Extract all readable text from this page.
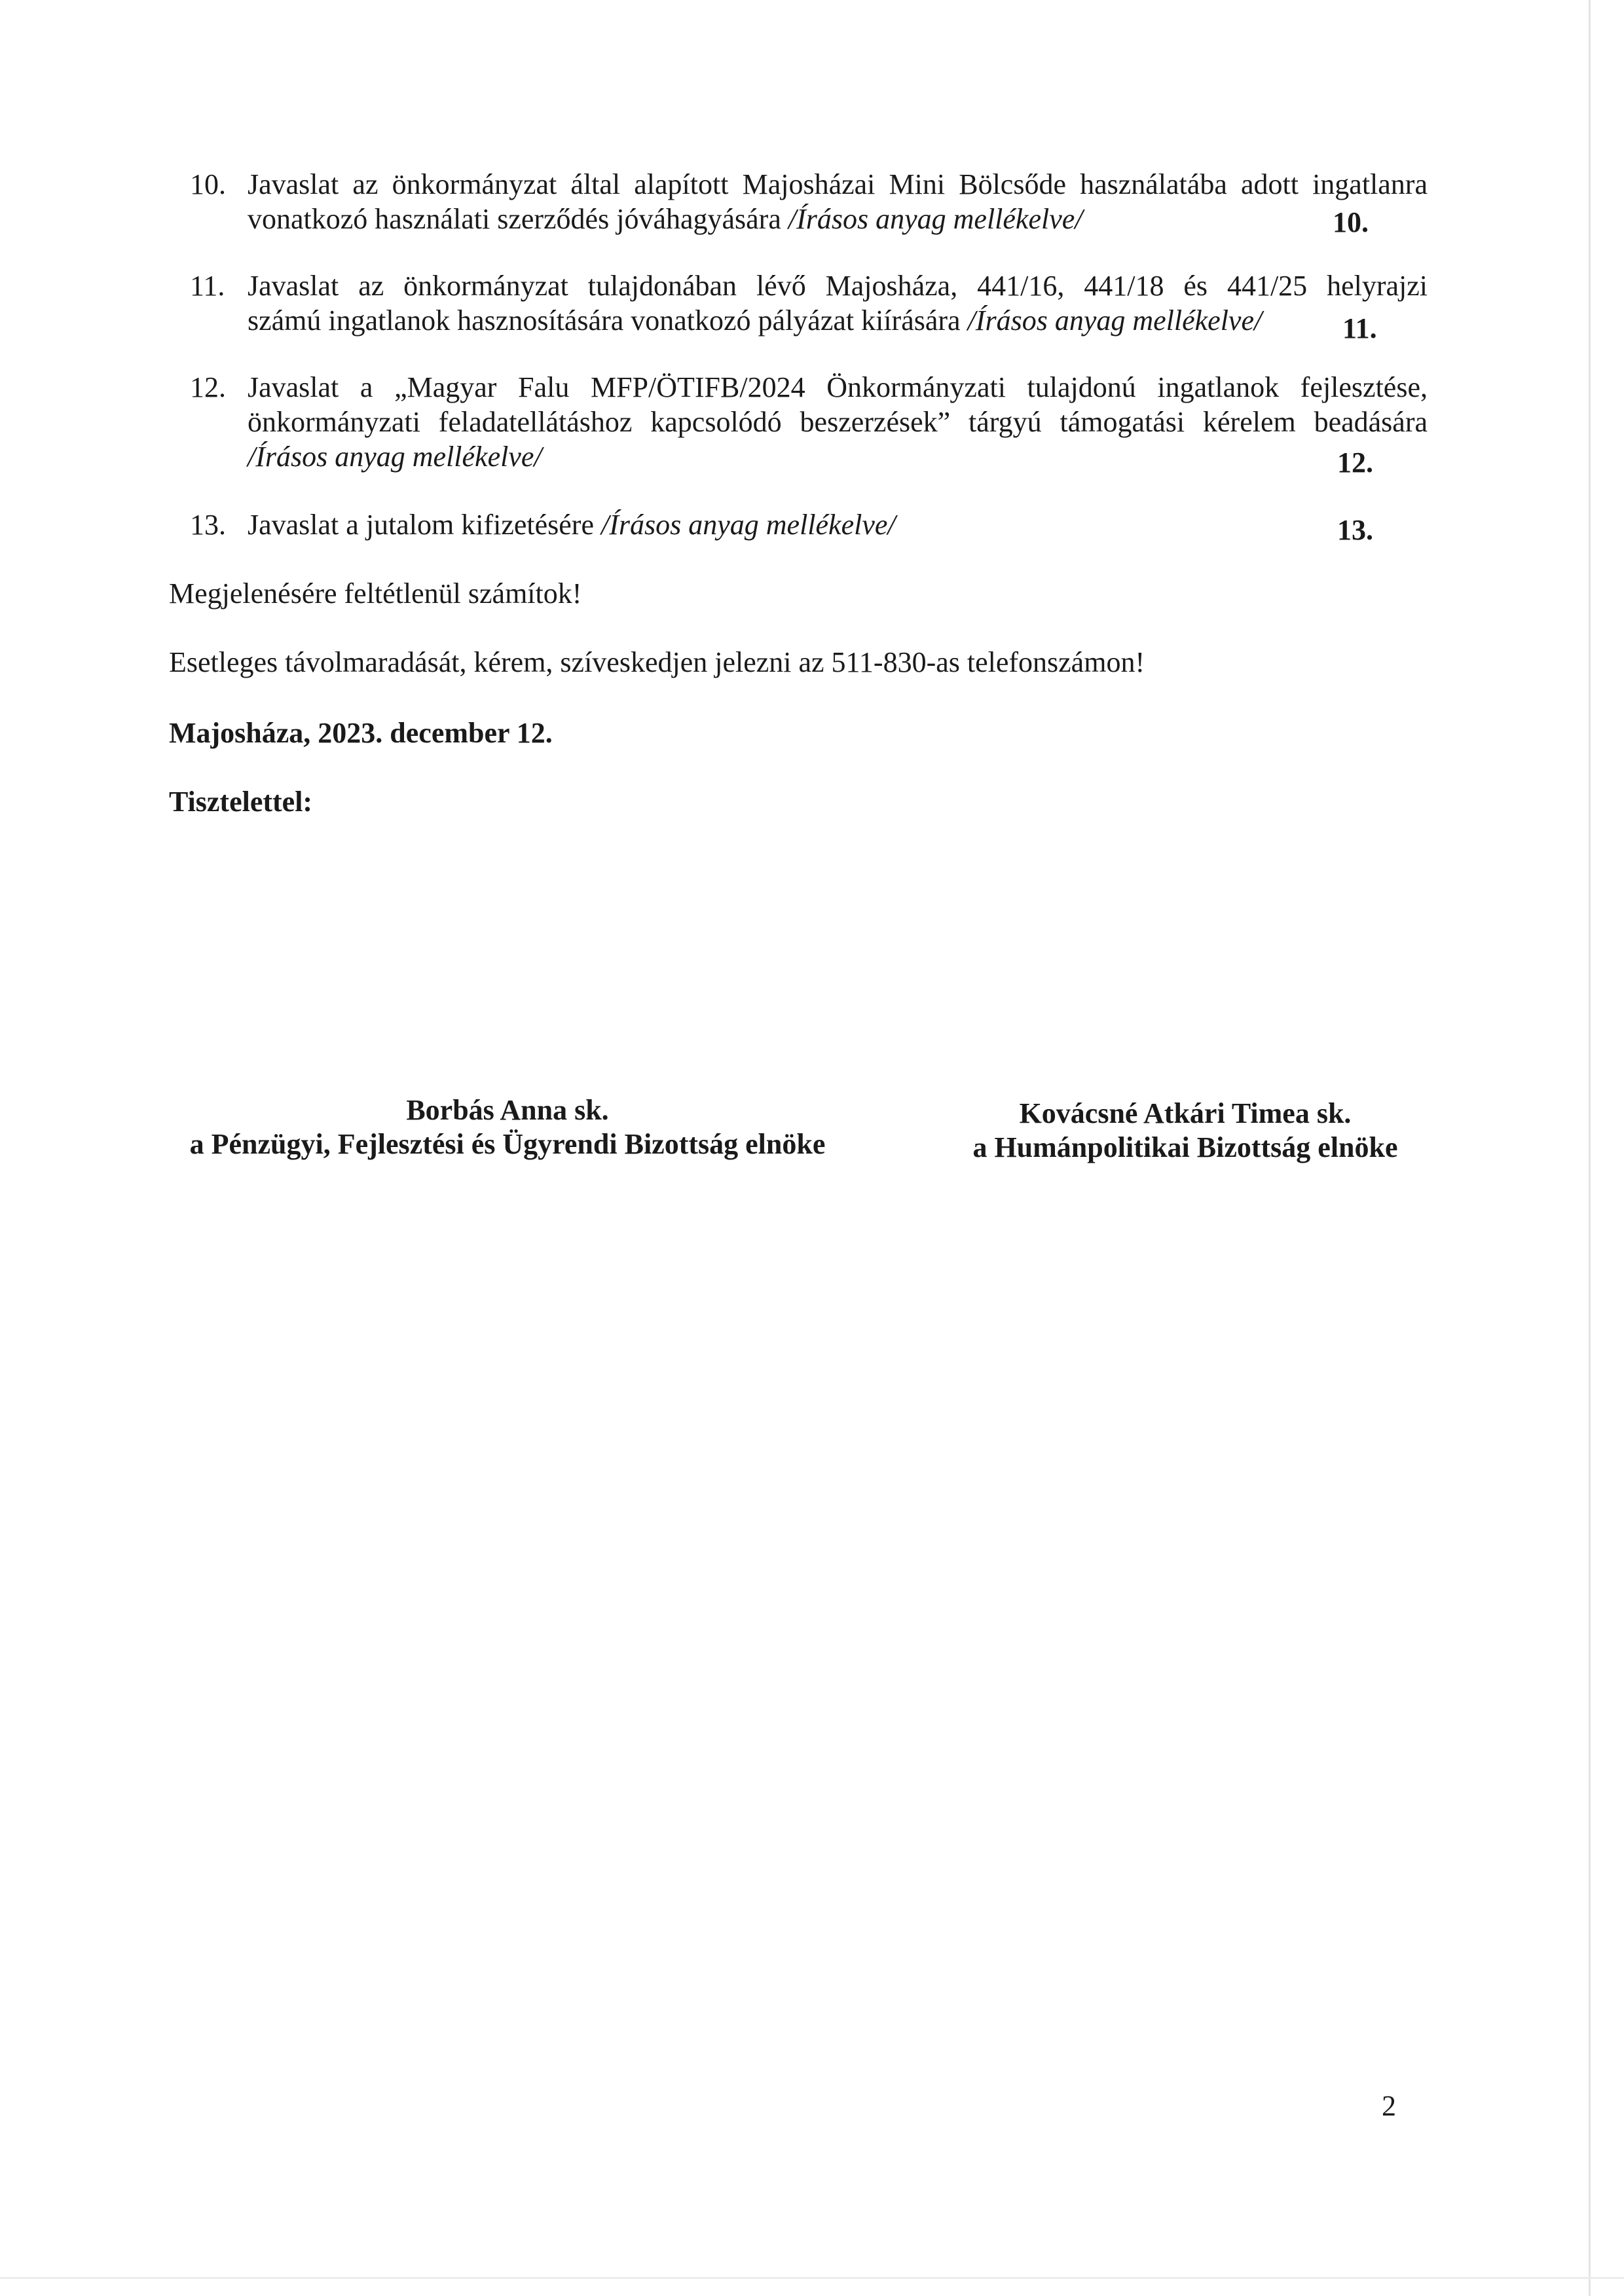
10. Javaslat az önkormányzat által alapított Majosházai Mini Bölcsőde használatába adott ingatlanra
vonatkozó használati szerződés jóváhagyására /Írásos anyag mellékelve/	10.
11. Javaslat az önkormányzat tulajdonában lévő Majosháza, 441/16, 441/18 és 441/25 helyrajzi
számú ingatlanok hasznosítására vonatkozó pályázat kiírására /Írásos anyag mellékelve/	11.
12. Javaslat a „Magyar Falu MFP/ÖTIFB/2024 Önkormányzati tulajdonú ingatlanok fejlesztése,
önkormányzati feladatellátáshoz kapcsolódó beszerzések” tárgyú támogatási kérelem beadására
/Írásos anyag mellékelve/	12.
13. Javaslat a jutalom kifizetésére /Írásos anyag mellékelve/	13.
Megjelenésére feltétlenül számítok!
Esetleges távolmaradását, kérem, szíveskedjen jelezni az 511-830-as telefonszámon!
Majosháza, 2023. december 12.
Tisztelettel:
Borbás Anna sk.
a Pénzügyi, Fejlesztési és Ügyrendi Bizottság elnöke
Kovácsné Atkári Timea sk.
a Humánpolitikai Bizottság elnöke
2
